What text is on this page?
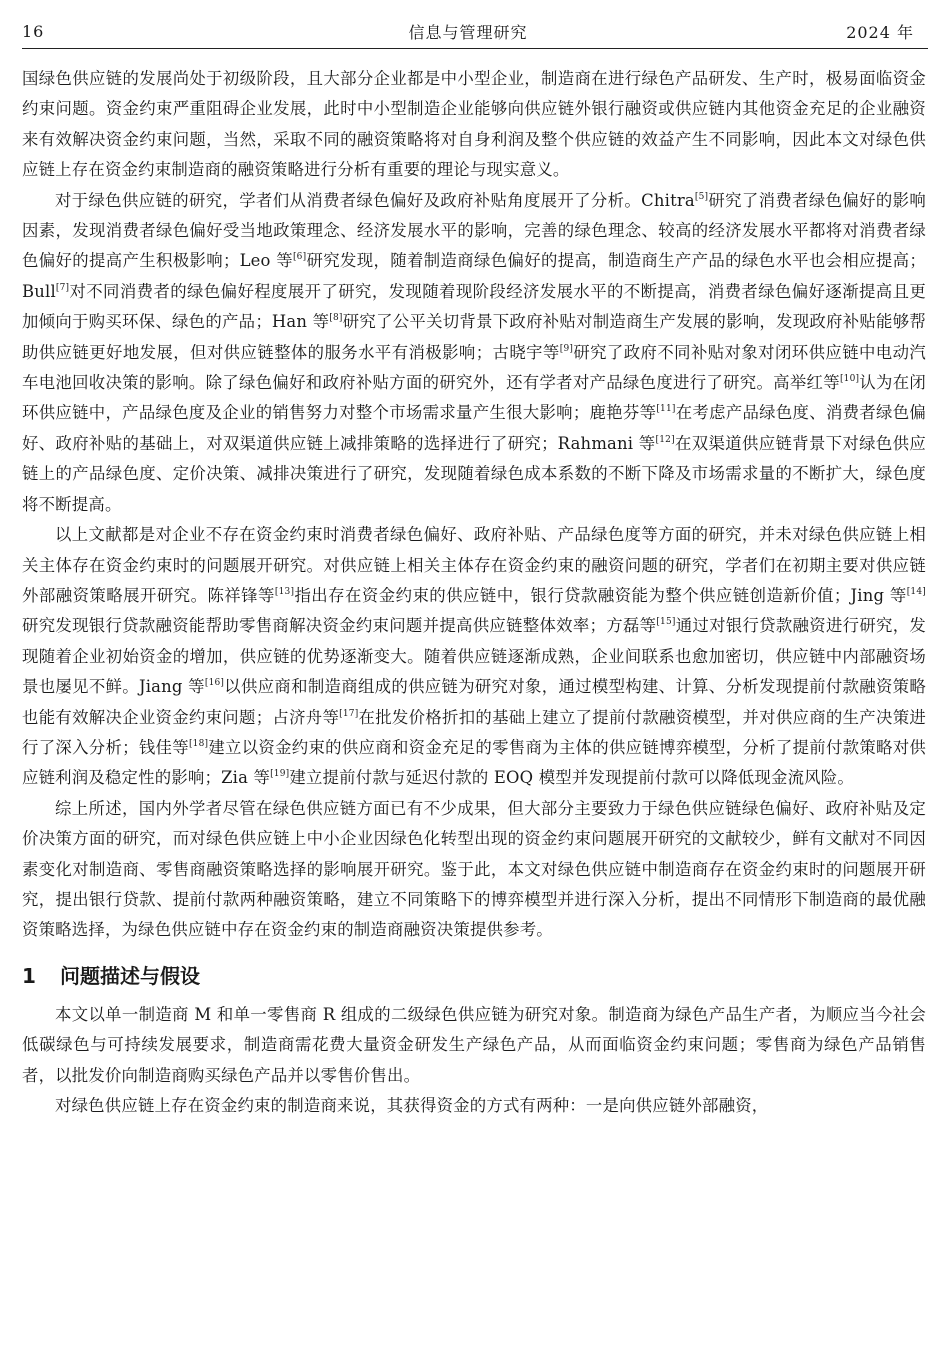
16	信息与管理研究	2024 年

国绿色供应链的发展尚处于初级阶段，且大部分企业都是中小型企业，制造商在进行绿色产品研发、生产时，极易面临资金约束问题。资金约束严重阻碍企业发展，此时中小型制造企业能够向供应链外银行融资或供应链内其他资金充足的企业融资来有效解决资金约束问题，当然，采取不同的融资策略将对自身利润及整个供应链的效益产生不同影响，因此本文对绿色供应链上存在资金约束制造商的融资策略进行分析有重要的理论与现实意义。

对于绿色供应链的研究，学者们从消费者绿色偏好及政府补贴角度展开了分析。Chitra[5]研究了消费者绿色偏好的影响因素，发现消费者绿色偏好受当地政策理念、经济发展水平的影响，完善的绿色理念、较高的经济发展水平都将对消费者绿色偏好的提高产生积极影响；Leo 等[6]研究发现，随着制造商绿色偏好的提高，制造商生产产品的绿色水平也会相应提高；Bull[7]对不同消费者的绿色偏好程度展开了研究，发现随着现阶段经济发展水平的不断提高，消费者绿色偏好逐渐提高且更加倾向于购买环保、绿色的产品；Han 等[8]研究了公平关切背景下政府补贴对制造商生产发展的影响，发现政府补贴能够帮助供应链更好地发展，但对供应链整体的服务水平有消极影响；古晓宇等[9]研究了政府不同补贴对象对闭环供应链中电动汽车电池回收决策的影响。除了绿色偏好和政府补贴方面的研究外，还有学者对产品绿色度进行了研究。高举红等[10]认为在闭环供应链中，产品绿色度及企业的销售努力对整个市场需求量产生很大影响；鹿艳芬等[11]在考虑产品绿色度、消费者绿色偏好、政府补贴的基础上，对双渠道供应链上减排策略的选择进行了研究；Rahmani 等[12]在双渠道供应链背景下对绿色供应链上的产品绿色度、定价决策、减排决策进行了研究，发现随着绿色成本系数的不断下降及市场需求量的不断扩大，绿色度将不断提高。

以上文献都是对企业不存在资金约束时消费者绿色偏好、政府补贴、产品绿色度等方面的研究，并未对绿色供应链上相关主体存在资金约束时的问题展开研究。对供应链上相关主体存在资金约束的融资问题的研究，学者们在初期主要对供应链外部融资策略展开研究。陈祥锋等[13]指出存在资金约束的供应链中，银行贷款融资能为整个供应链创造新价值；Jing 等[14]研究发现银行贷款融资能帮助零售商解决资金约束问题并提高供应链整体效率；方磊等[15]通过对银行贷款融资进行研究，发现随着企业初始资金的增加，供应链的优势逐渐变大。随着供应链逐渐成熟，企业间联系也愈加密切，供应链中内部融资场景也屡见不鲜。Jiang 等[16]以供应商和制造商组成的供应链为研究对象，通过模型构建、计算、分析发现提前付款融资策略也能有效解决企业资金约束问题；占济舟等[17]在批发价格折扣的基础上建立了提前付款融资模型，并对供应商的生产决策进行了深入分析；钱佳等[18]建立以资金约束的供应商和资金充足的零售商为主体的供应链博弈模型，分析了提前付款策略对供应链利润及稳定性的影响；Zia 等[19]建立提前付款与延迟付款的 EOQ 模型并发现提前付款可以降低现金流风险。

综上所述，国内外学者尽管在绿色供应链方面已有不少成果，但大部分主要致力于绿色供应链绿色偏好、政府补贴及定价决策方面的研究，而对绿色供应链上中小企业因绿色化转型出现的资金约束问题展开研究的文献较少，鲜有文献对不同因素变化对制造商、零售商融资策略选择的影响展开研究。鉴于此，本文对绿色供应链中制造商存在资金约束时的问题展开研究，提出银行贷款、提前付款两种融资策略，建立不同策略下的博弈模型并进行深入分析，提出不同情形下制造商的最优融资策略选择，为绿色供应链中存在资金约束的制造商融资决策提供参考。

1 问题描述与假设

本文以单一制造商 M 和单一零售商 R 组成的二级绿色供应链为研究对象。制造商为绿色产品生产者，为顺应当今社会低碳绿色与可持续发展要求，制造商需花费大量资金研发生产绿色产品，从而面临资金约束问题；零售商为绿色产品销售者，以批发价向制造商购买绿色产品并以零售价售出。

对绿色供应链上存在资金约束的制造商来说，其获得资金的方式有两种：一是向供应链外部融资，
